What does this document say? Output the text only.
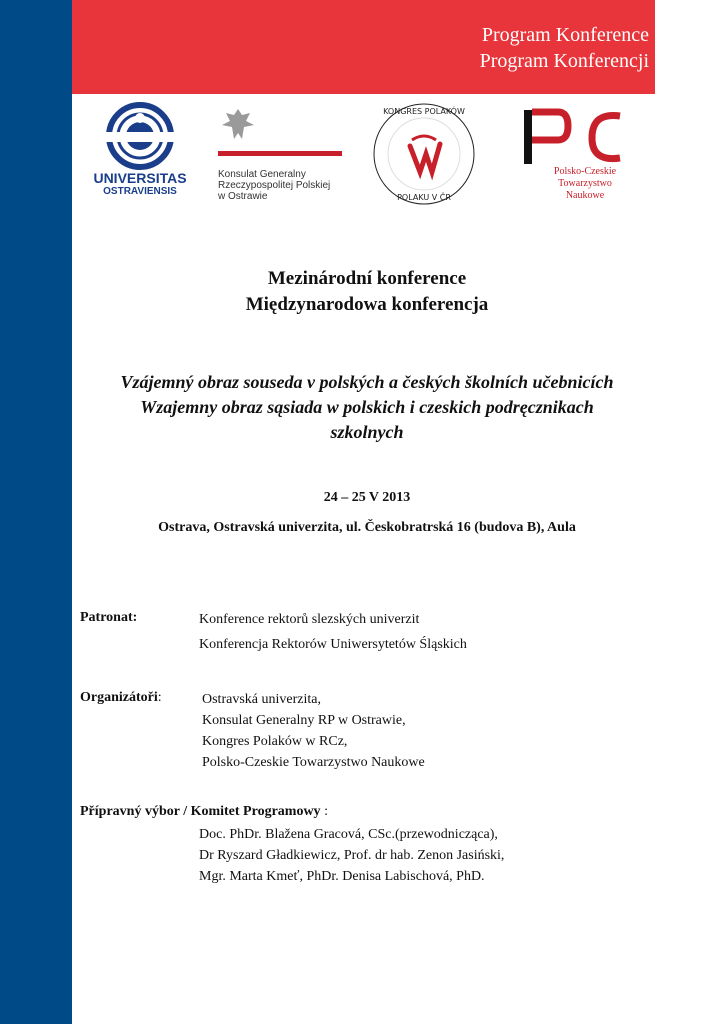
Program Konference
Program Konferencji
UNIVERSITAS
OSTRAVIENSIS
Konsulat Generalny
Rzeczypospolitej Polskiej
w Ostrawie
KONGRES POLAKÓW
POLAKU V ČR
Polsko-Czeskie
Towarzystwo Naukowe
Mezinárodní konference
Międzynarodowa konferencja
Vzájemný obraz souseda v polských a českých školních učebnicích
Wzajemny obraz sąsiada w polskich i czeskich podręcznikach
szkolnych
24 – 25 V 2013
Ostrava, Ostravská univerzita, ul. Českobratrská 16 (budova B), Aula
Patronat:	Konference rektorů slezských univerzit
Konferencja Rektorów Uniwersytetów Śląskich
Organizátoři:	Ostravská univerzita,
Konsulat Generalny RP w Ostrawie,
Kongres Polaków w RCz,
Polsko-Czeskie Towarzystwo Naukowe
Přípravný výbor / Komitet Programowy :
Doc. PhDr. Blažena Gracová, CSc.(przewodnicząca),
Dr Ryszard Gładkiewicz, Prof. dr hab. Zenon Jasiński,
Mgr. Marta Kmeť, PhDr. Denisa Labischová, PhD.
